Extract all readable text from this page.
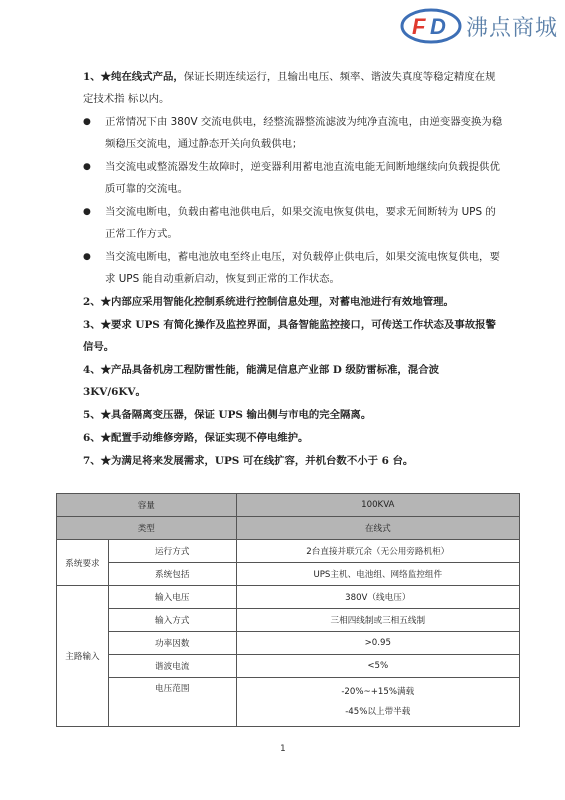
F D 沸点商城

1、★纯在线式产品，保证长期连续运行，且输出电压、频率、谐波失真度等稳定精度在规定技术指 标以内。

●	正常情况下由 380V 交流电供电，经整流器整流滤波为纯净直流电，由逆变器变换为稳频稳压交流电，通过静态开关向负载供电；
●	当交流电或整流器发生故障时，逆变器利用蓄电池直流电能无间断地继续向负载提供优质可靠的交流电。
●	当交流电断电，负载由蓄电池供电后，如果交流电恢复供电，要求无间断转为 UPS 的正常工作方式。
●	当交流电断电，蓄电池放电至终止电压，对负载停止供电后，如果交流电恢复供电，要求 UPS 能自动重新启动，恢复到正常的工作状态。

2、★内部应采用智能化控制系统进行控制信息处理，对蓄电池进行有效地管理。

3、★要求 UPS 有简化操作及监控界面，具备智能监控接口，可传送工作状态及事故报警信号。

4、★产品具备机房工程防雷性能，能满足信息产业部 D 级防雷标准，混合波 3KV/6KV。

5、★具备隔离变压器，保证 UPS 输出侧与市电的完全隔离。

6、★配置手动维修旁路，保证实现不停电维护。

7、★为满足将来发展需求，UPS 可在线扩容，并机台数不小于 6 台。

容量		100KVA
类型		在线式
系统要求	运行方式	2台直接并联冗余（无公用旁路机柜）
	系统包括	UPS主机、电池组、网络监控组件
主路输入	输入电压	380V（线电压）
	输入方式	三相四线制或三相五线制
	功率因数	>0.95
	谐波电流	<5%
	电压范围	-20%~+15%满载
-45%以上带半载
1
